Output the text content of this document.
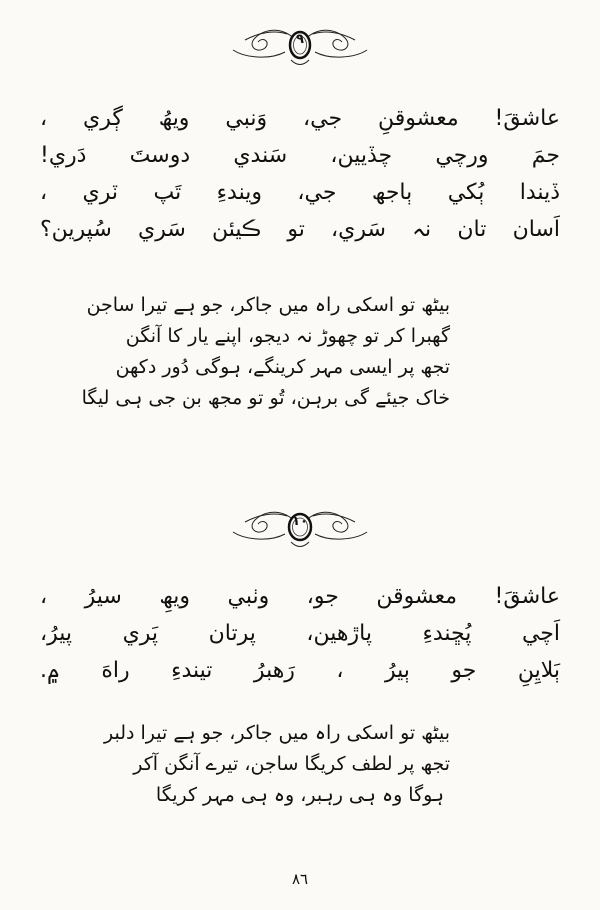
۹
عاشقَ! معشوقنِ جي، وَنبي ويھُ ڳري ،
جمَ ورچي چڏيين، سَندي دوستَ دَري!
ڏيندا ٻُکي ٻاجھ جي، ويندءِ تَپ ٽري ،
اَسان تان نہ سَري، تو ڪيئن سَري سُپرين؟
بیٹھ تو اسکی راہ میں جاکر، جو ہے تیرا ساجن
گھبرا کر تو چھوڑ نہ دیجو، اپنے یار کا آنگن
تجھ پر ایسی مہر کرینگے، ہوگی دُور دکھن
خاک جیئے گی برہن، تُو تو مجھ بن جی ہی لیگا
۱۰
عاشقَ! معشوقن جو، وٺبي ويھِ سيرُ ،
اَچي پُڇندءِ پاڙھين، پرتان پَري پيرُ،
ٻَلايِنِ جو ٻيرُ ، رَھبرُ تيندءِ راهَ ۾.
بیٹھ تو اسکی راہ میں جاکر، جو ہے تیرا دلبر
تجھ پر لطف کریگا ساجن، تیرے آنگن آکر
ہوگا وہ ہی رہبر، وہ ہی مہر کریگا
٨٦
